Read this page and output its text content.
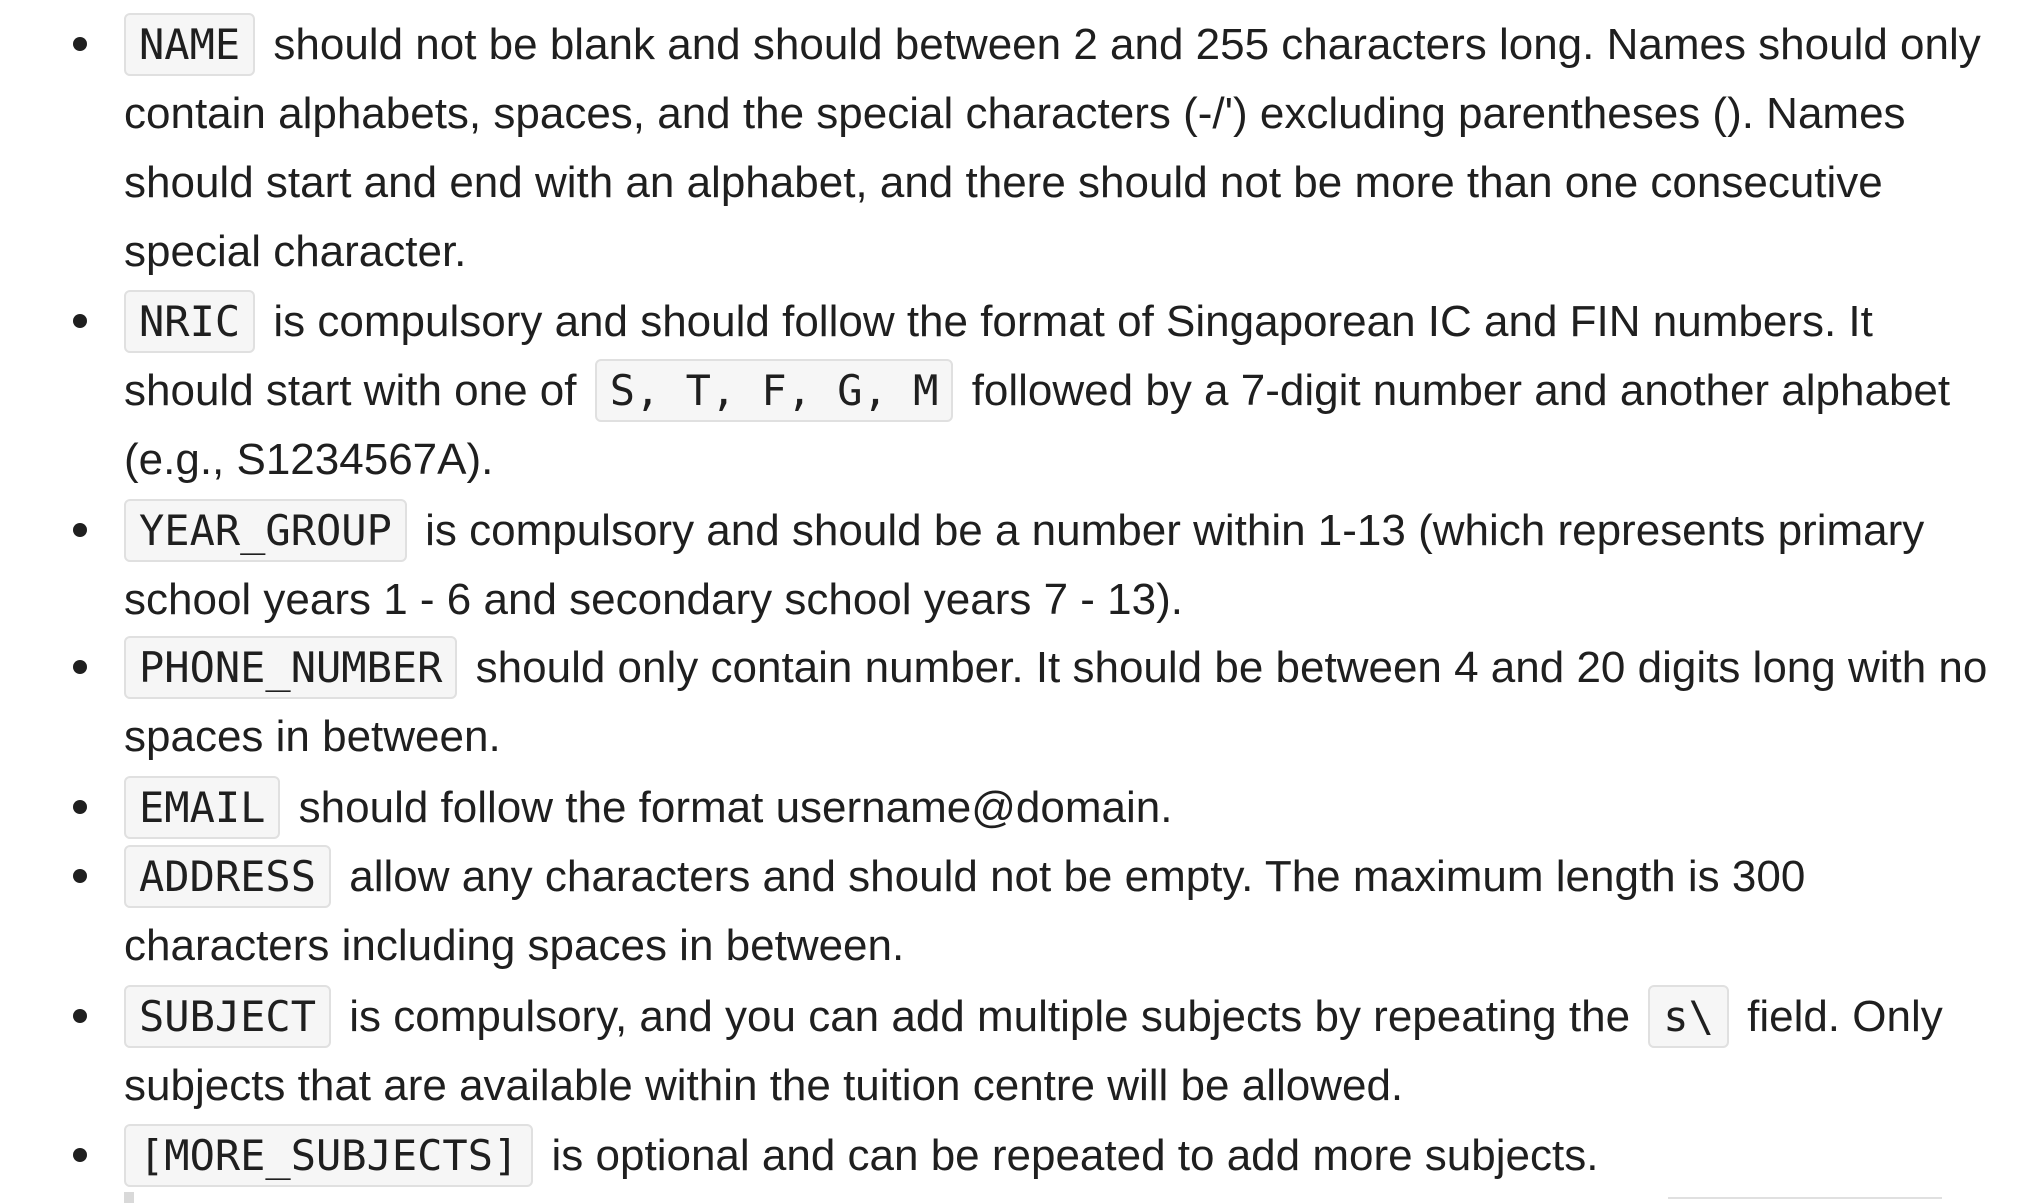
NAME should not be blank and should between 2 and 255 characters long. Names should only contain alphabets, spaces, and the special characters (-/') excluding parentheses (). Names should start and end with an alphabet, and there should not be more than one consecutive special character.
NRIC is compulsory and should follow the format of Singaporean IC and FIN numbers. It should start with one of S, T, F, G, M followed by a 7-digit number and another alphabet (e.g., S1234567A).
YEAR_GROUP is compulsory and should be a number within 1-13 (which represents primary school years 1 - 6 and secondary school years 7 - 13).
PHONE_NUMBER should only contain number. It should be between 4 and 20 digits long with no spaces in between.
EMAIL should follow the format username@domain.
ADDRESS allow any characters and should not be empty. The maximum length is 300 characters including spaces in between.
SUBJECT is compulsory, and you can add multiple subjects by repeating the s\ field. Only subjects that are available within the tuition centre will be allowed.
[MORE_SUBJECTS] is optional and can be repeated to add more subjects.
